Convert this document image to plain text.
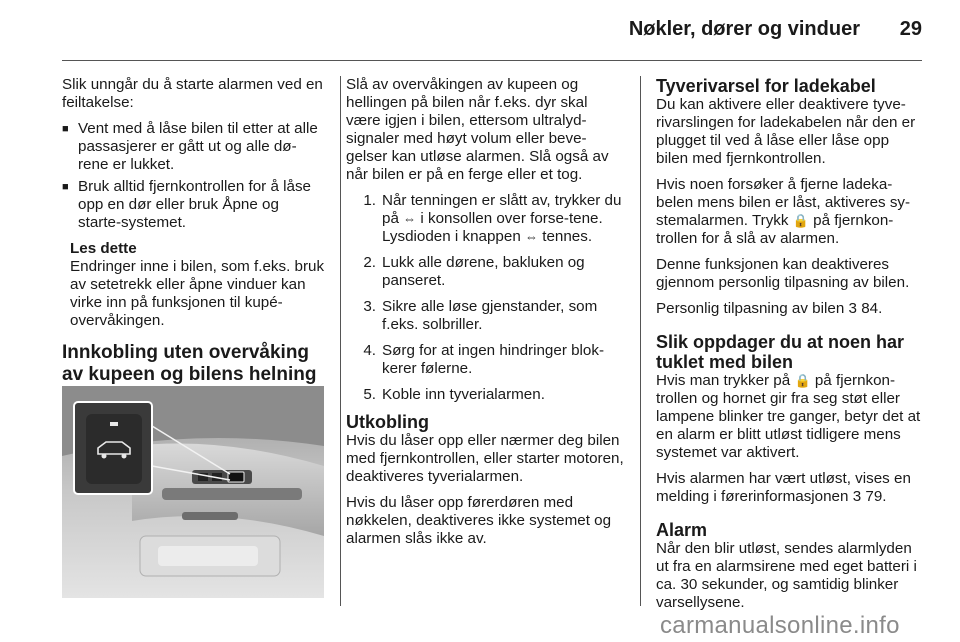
Nøkler, dører og vinduer	29

Slik unngår du å starte alarmen ved en feiltakelse:

■ Vent med å låse bilen til etter at alle passasjerer er gått ut og alle dø-rene er lukket.
■ Bruk alltid fjernkontrollen for å låse opp en dør eller bruk Åpne og starte-systemet.
Les dette
Endringer inne i bilen, som f.eks. bruk av setetrekk eller åpne vinduer kan virke inn på funksjonen til kupé-overvåkingen.
Innkobling uten overvåking av kupeen og bilens helning

Slå av overvåkingen av kupeen og hellingen på bilen når f.eks. dyr skal være igjen i bilen, ettersom ultralyd-signaler med høyt volum eller beve-gelser kan utløse alarmen. Slå også av når bilen er på en ferge eller et tog.

1. Når tenningen er slått av, trykker du på ⇔ i konsollen over forse-tene. Lysdioden i knappen ⇔ tennes.
2. Lukk alle dørene, bakluken og panseret.
3. Sikre alle løse gjenstander, som f.eks. solbriller.
4. Sørg for at ingen hindringer blok-kerer følerne.
5. Koble inn tyverialarmen.
Utkobling

Hvis du låser opp eller nærmer deg bilen med fjernkontrollen, eller starter motoren, deaktiveres tyverialarmen.

Hvis du låser opp førerdøren med nøkkelen, deaktiveres ikke systemet og alarmen slås ikke av.

Tyverivarsel for ladekabel

Du kan aktivere eller deaktivere tyve-rivarslingen for ladekabelen når den er plugget til ved å låse eller låse opp bilen med fjernkontrollen.

Hvis noen forsøker å fjerne ladeka-belen mens bilen er låst, aktiveres sy-stemalarmen. Trykk 🔒 på fjernkon-trollen for å slå av alarmen.

Denne funksjonen kan deaktiveres gjennom personlig tilpasning av bilen.

Personlig tilpasning av bilen 3 84.

Slik oppdager du at noen har tuklet med bilen

Hvis man trykker på 🔒 på fjernkon-trollen og hornet gir fra seg støt eller lampene blinker tre ganger, betyr det at en alarm er blitt utløst tidligere mens systemet var aktivert.

Hvis alarmen har vært utløst, vises en melding i førerinformasjonen 3 79.

Alarm

Når den blir utløst, sendes alarmlyden ut fra en alarmsirene med eget batteri i ca. 30 sekunder, og samtidig blinker varsellysene.

carmanualsonline.info
